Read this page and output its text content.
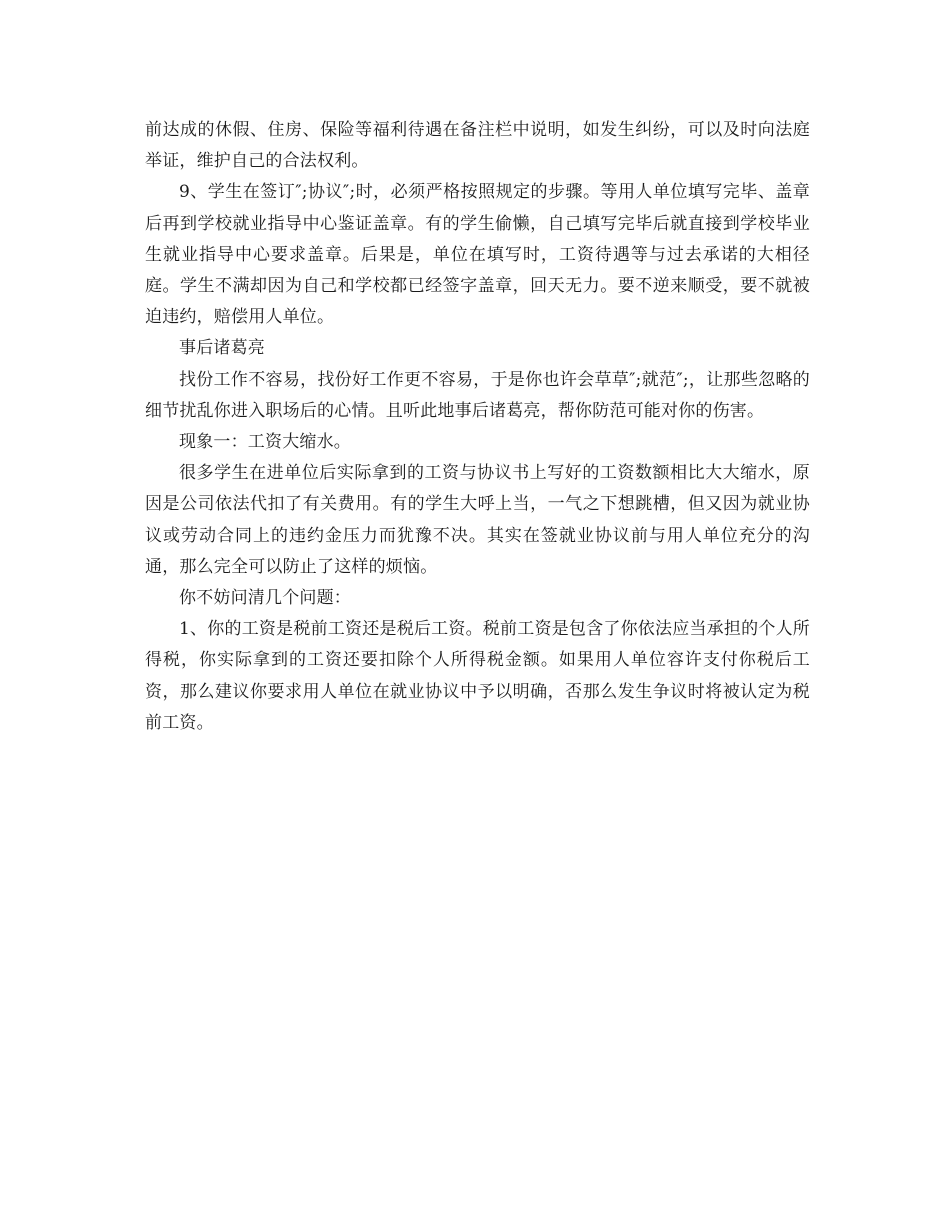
前达成的休假、住房、保险等福利待遇在备注栏中说明，如发生纠纷，可以及时向法庭举证，维护自己的合法权利。

9、学生在签订″;协议″;时，必须严格按照规定的步骤。等用人单位填写完毕、盖章后再到学校就业指导中心鉴证盖章。有的学生偷懒，自己填写完毕后就直接到学校毕业生就业指导中心要求盖章。后果是，单位在填写时，工资待遇等与过去承诺的大相径庭。学生不满却因为自己和学校都已经签字盖章，回天无力。要不逆来顺受，要不就被迫违约，赔偿用人单位。

事后诸葛亮

找份工作不容易，找份好工作更不容易，于是你也许会草草″;就范″;，让那些忽略的细节扰乱你进入职场后的心情。且听此地事后诸葛亮，帮你防范可能对你的伤害。

现象一：工资大缩水。

很多学生在进单位后实际拿到的工资与协议书上写好的工资数额相比大大缩水，原因是公司依法代扣了有关费用。有的学生大呼上当，一气之下想跳槽，但又因为就业协议或劳动合同上的违约金压力而犹豫不决。其实在签就业协议前与用人单位充分的沟通，那么完全可以防止了这样的烦恼。

你不妨问清几个问题：

1、你的工资是税前工资还是税后工资。税前工资是包含了你依法应当承担的个人所得税，你实际拿到的工资还要扣除个人所得税金额。如果用人单位容许支付你税后工资，那么建议你要求用人单位在就业协议中予以明确，否那么发生争议时将被认定为税前工资。
